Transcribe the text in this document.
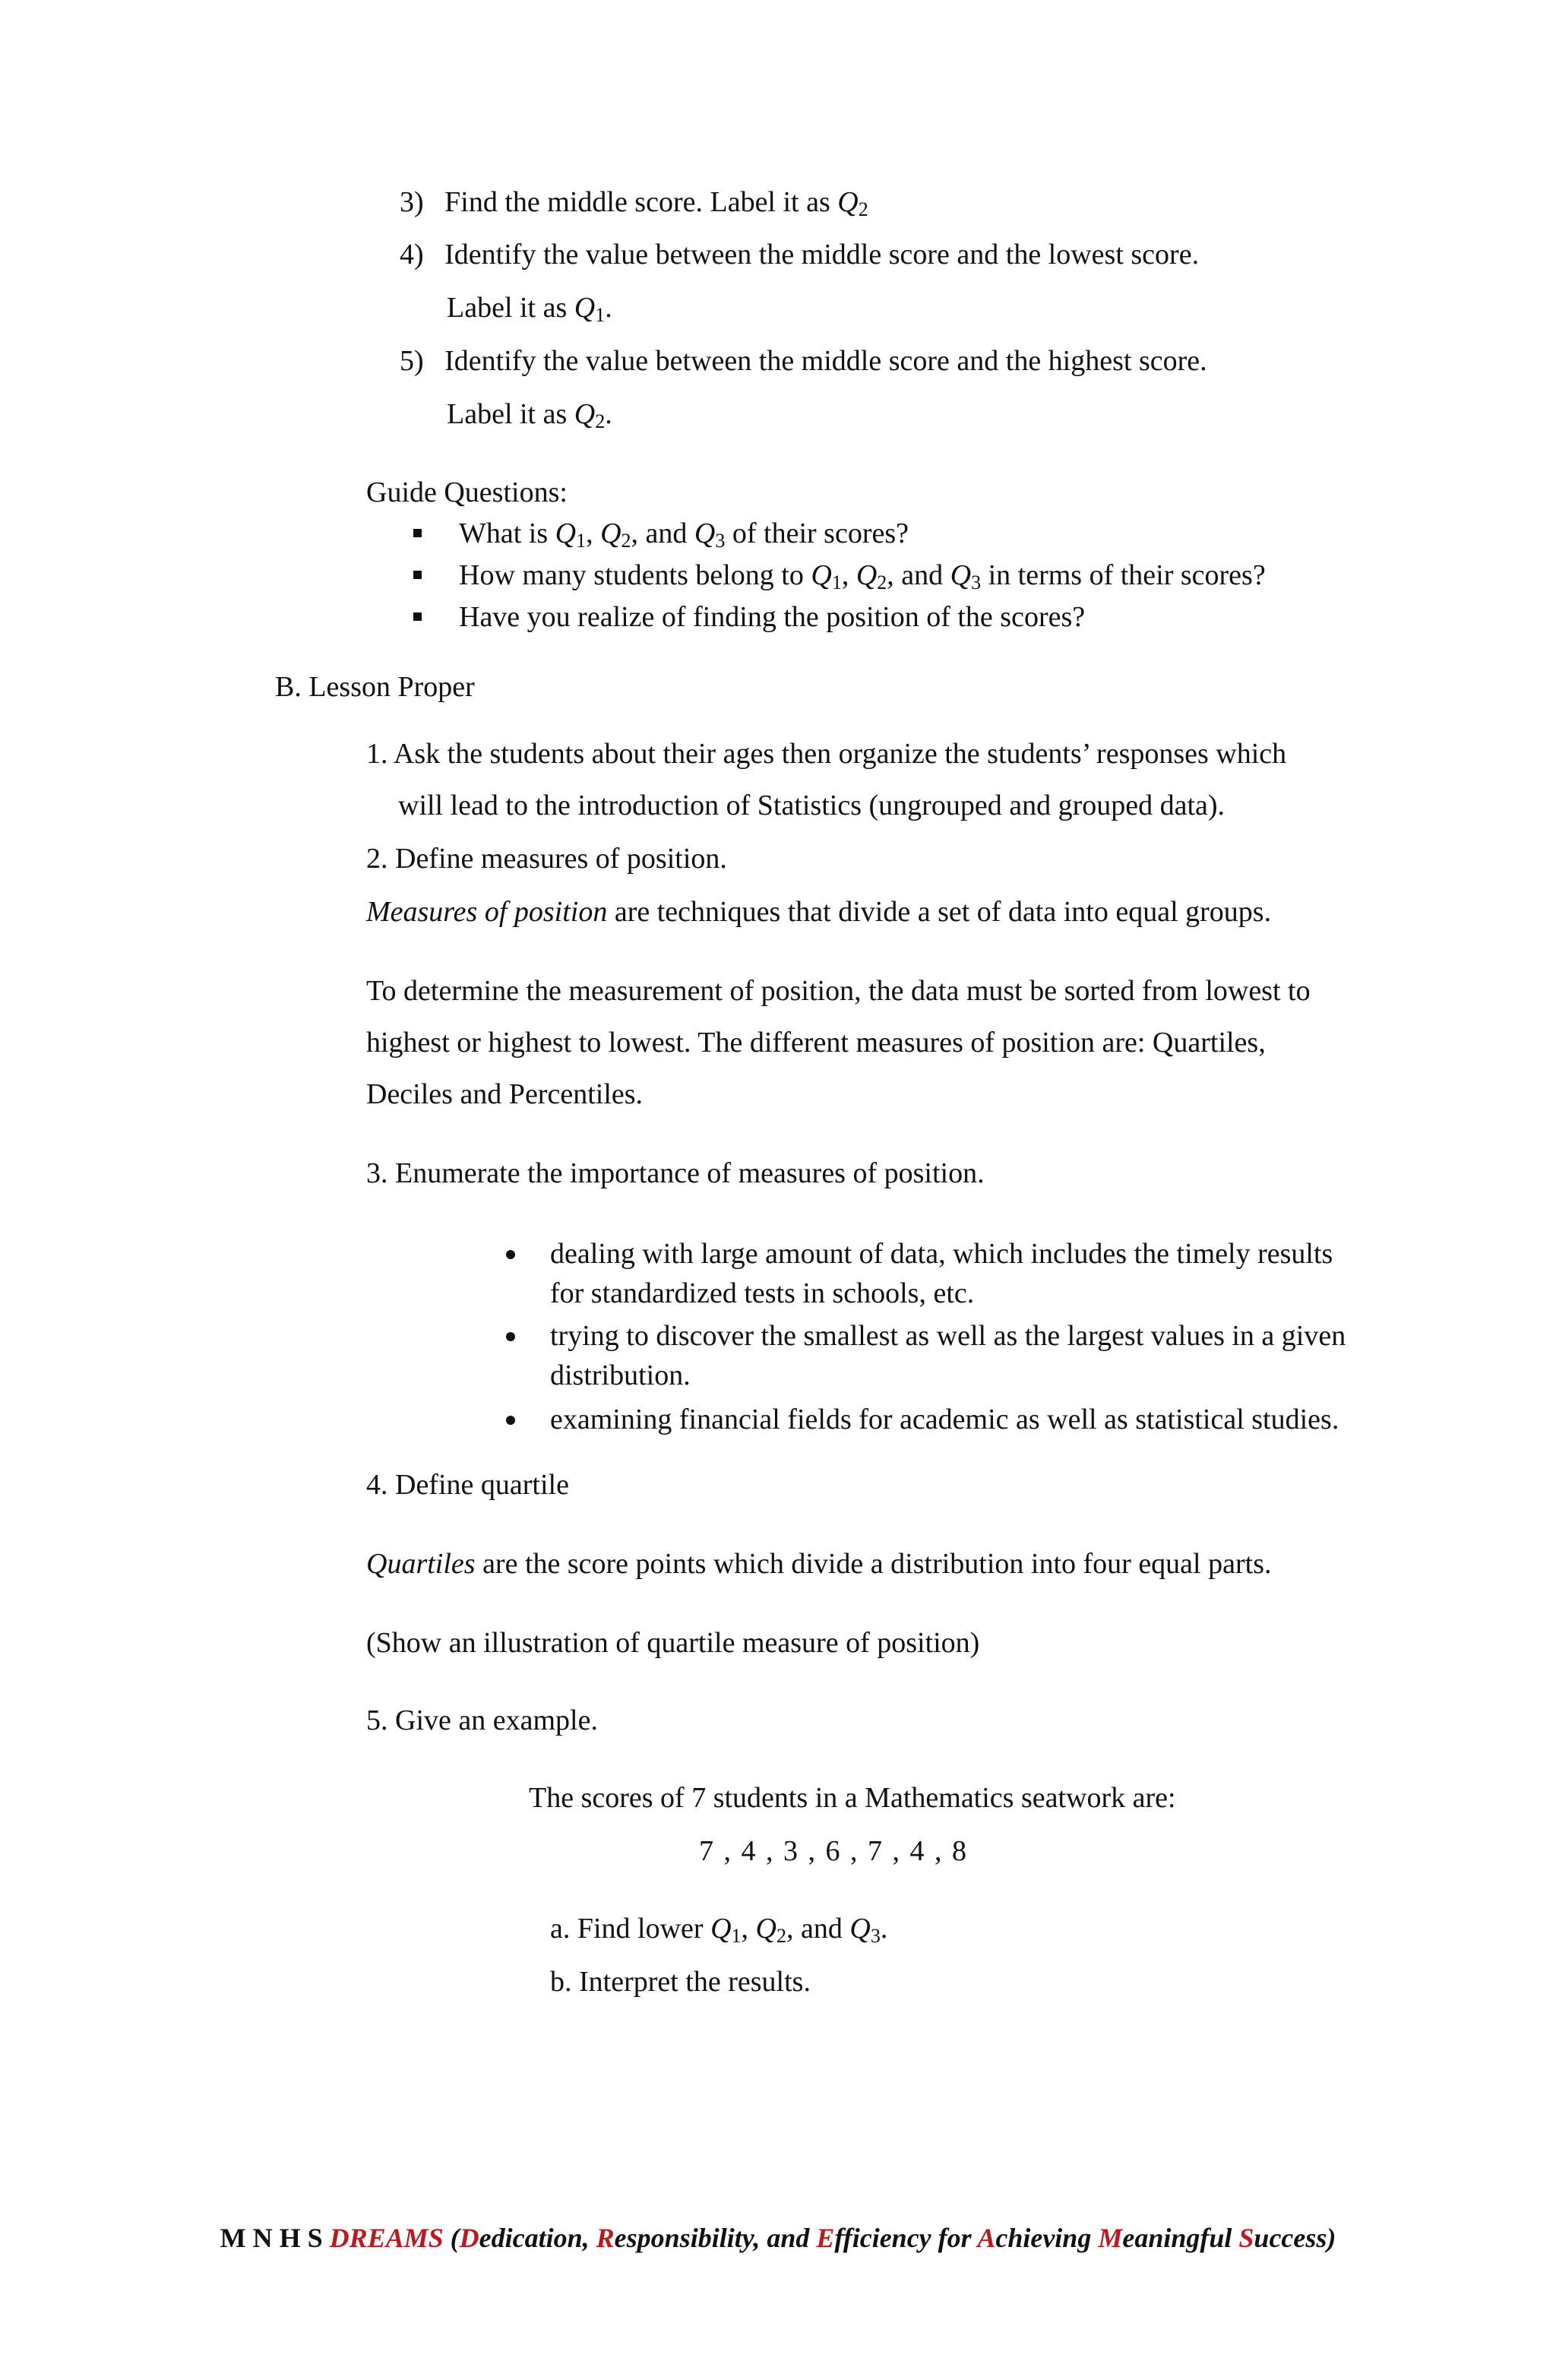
3) Find the middle score. Label it as $Q_2$
4) Identify the value between the middle score and the lowest score.
Label it as $Q_1$.
5) Identify the value between the middle score and the highest score.
Label it as $Q_2$.
Guide Questions:
What is $Q_1$, $Q_2$, and $Q_3$ of their scores?
How many students belong to $Q_1$, $Q_2$, and $Q_3$ in terms of their scores?
Have you realize of finding the position of the scores?
B. Lesson Proper
1. Ask the students about their ages then organize the students’ responses which
will lead to the introduction of Statistics (ungrouped and grouped data).
2. Define measures of position.
Measures of position are techniques that divide a set of data into equal groups.
To determine the measurement of position, the data must be sorted from lowest to
highest or highest to lowest. The different measures of position are: Quartiles,
Deciles and Percentiles.
3. Enumerate the importance of measures of position.
dealing with large amount of data, which includes the timely results
for standardized tests in schools, etc.
trying to discover the smallest as well as the largest values in a given
distribution.
examining financial fields for academic as well as statistical studies.
4. Define quartile
Quartiles are the score points which divide a distribution into four equal parts.
(Show an illustration of quartile measure of position)
5. Give an example.
The scores of 7 students in a Mathematics seatwork are:
7 , 4 , 3 , 6 , 7 , 4 , 8
a. Find lower $Q_1$, $Q_2$, and $Q_3$.
b. Interpret the results.
M N H S DREAMS (Dedication, Responsibility, and Efficiency for Achieving Meaningful Success)
